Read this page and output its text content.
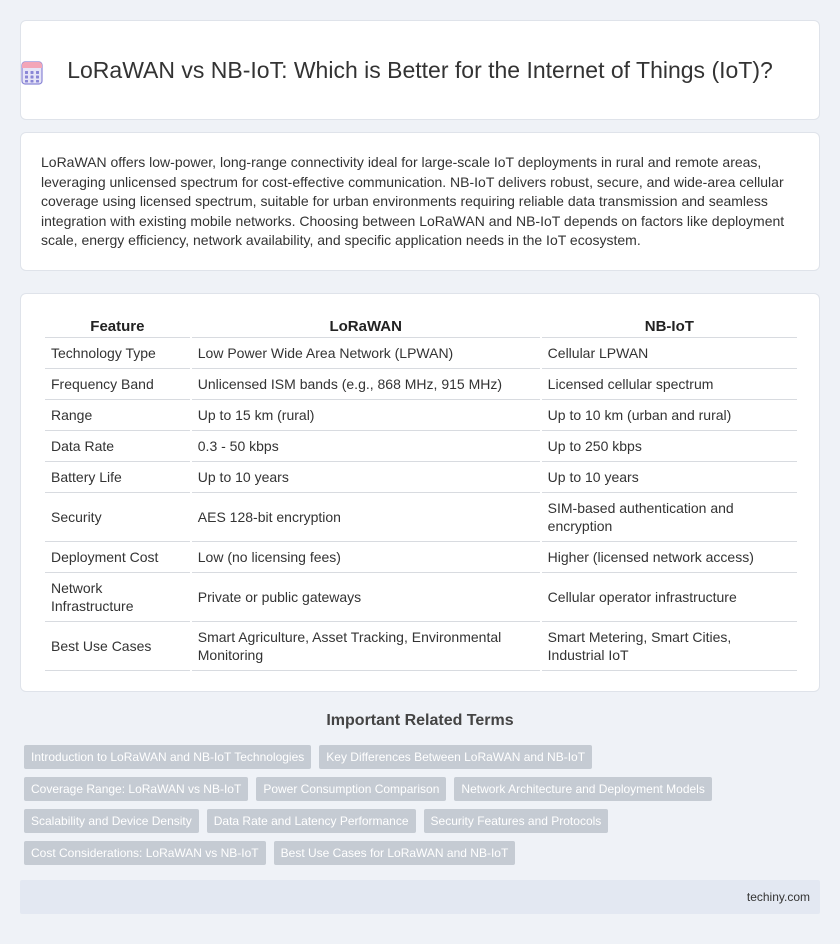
LoRaWAN vs NB-IoT: Which is Better for the Internet of Things (IoT)?

LoRaWAN offers low-power, long-range connectivity ideal for large-scale IoT deployments in rural and remote areas, leveraging unlicensed spectrum for cost-effective communication. NB-IoT delivers robust, secure, and wide-area cellular coverage using licensed spectrum, suitable for urban environments requiring reliable data transmission and seamless integration with existing mobile networks. Choosing between LoRaWAN and NB-IoT depends on factors like deployment scale, energy efficiency, network availability, and specific application needs in the IoT ecosystem.

Feature	LoRaWAN	NB-IoT
Technology Type	Low Power Wide Area Network (LPWAN)	Cellular LPWAN
Frequency Band	Unlicensed ISM bands (e.g., 868 MHz, 915 MHz)	Licensed cellular spectrum
Range	Up to 15 km (rural)	Up to 10 km (urban and rural)
Data Rate	0.3 - 50 kbps	Up to 250 kbps
Battery Life	Up to 10 years	Up to 10 years
Security	AES 128-bit encryption	SIM-based authentication and encryption
Deployment Cost	Low (no licensing fees)	Higher (licensed network access)
Network Infrastructure	Private or public gateways	Cellular operator infrastructure
Best Use Cases	Smart Agriculture, Asset Tracking, Environmental Monitoring	Smart Metering, Smart Cities, Industrial IoT
Important Related Terms
Introduction to LoRaWAN and NB-IoT Technologies	Key Differences Between LoRaWAN and NB-IoT
Coverage Range: LoRaWAN vs NB-IoT	Power Consumption Comparison	Network Architecture and Deployment Models
Scalability and Device Density	Data Rate and Latency Performance	Security Features and Protocols
Cost Considerations: LoRaWAN vs NB-IoT	Best Use Cases for LoRaWAN and NB-IoT
techiny.com
